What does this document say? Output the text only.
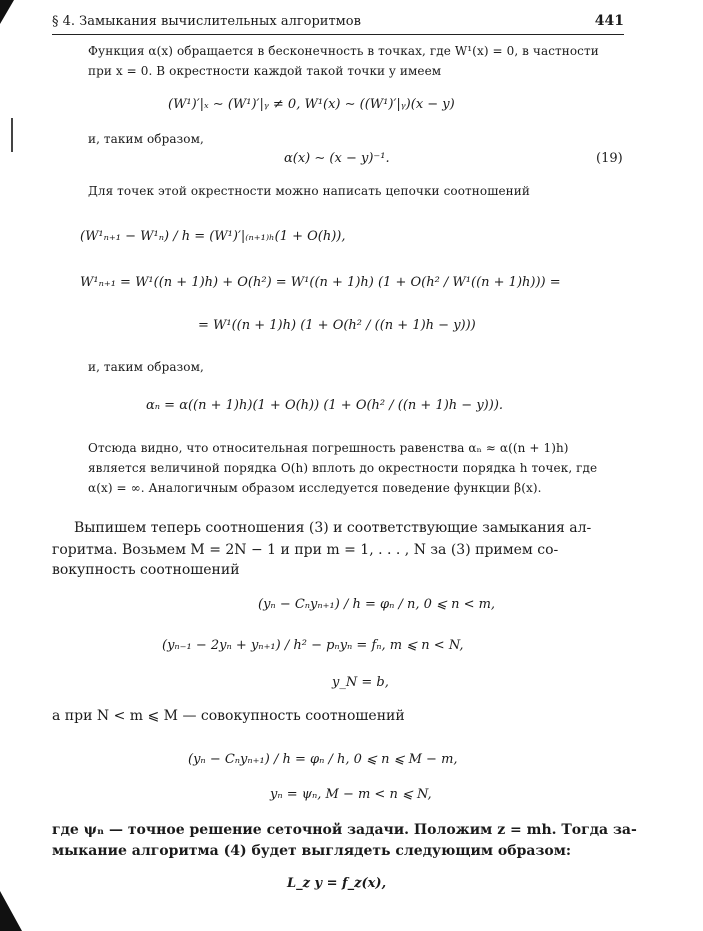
§ 4. Замыкания вычислительных алгоритмов	441
Функция α(x) обращается в бесконечность в точках, где W¹(x) = 0, в частности
при x = 0. В окрестности каждой такой точки y имеем
(W¹)′|ₓ ∼ (W¹)′|ᵧ ≠ 0, W¹(x) ∼ ((W¹)′|ᵧ)(x − y)
и, таким образом,
α(x) ∼ (x − y)⁻¹.	(19)
Для точек этой окрестности можно написать цепочки соотношений
(W¹ₙ₊₁ − W¹ₙ) / h = (W¹)′|₍ₙ₊₁₎ₕ(1 + O(h)),
W¹ₙ₊₁ = W¹((n + 1)h) + O(h²) = W¹((n + 1)h) (1 + O(h² / W¹((n + 1)h))) =
= W¹((n + 1)h) (1 + O(h² / ((n + 1)h − y)))
и, таким образом,
αₙ = α((n + 1)h)(1 + O(h)) (1 + O(h² / ((n + 1)h − y))).
Отсюда видно, что относительная погрешность равенства αₙ ≈ α((n + 1)h)
является величиной порядка O(h) вплоть до окрестности порядка h точек, где
α(x) = ∞. Аналогичным образом исследуется поведение функции β(x).
Выпишем теперь соотношения (3) и соответствующие замыкания ал-
горитма. Возьмем M = 2N − 1 и при m = 1, . . . , N за (3) примем со-
вокупность соотношений
(yₙ − Cₙyₙ₊₁) / h = φₙ / n, 0 ⩽ n < m,
(yₙ₋₁ − 2yₙ + yₙ₊₁) / h² − pₙyₙ = fₙ, m ⩽ n < N,
y_N = b,
а при N < m ⩽ M — совокупность соотношений
(yₙ − Cₙyₙ₊₁) / h = φₙ / h, 0 ⩽ n ⩽ M − m,
yₙ = ψₙ, M − m < n ⩽ N,
где ψₙ — точное решение сеточной задачи. Положим z = mh. Тогда за-
мыкание алгоритма (4) будет выглядеть следующим образом:
L_z y = f_z(x),
